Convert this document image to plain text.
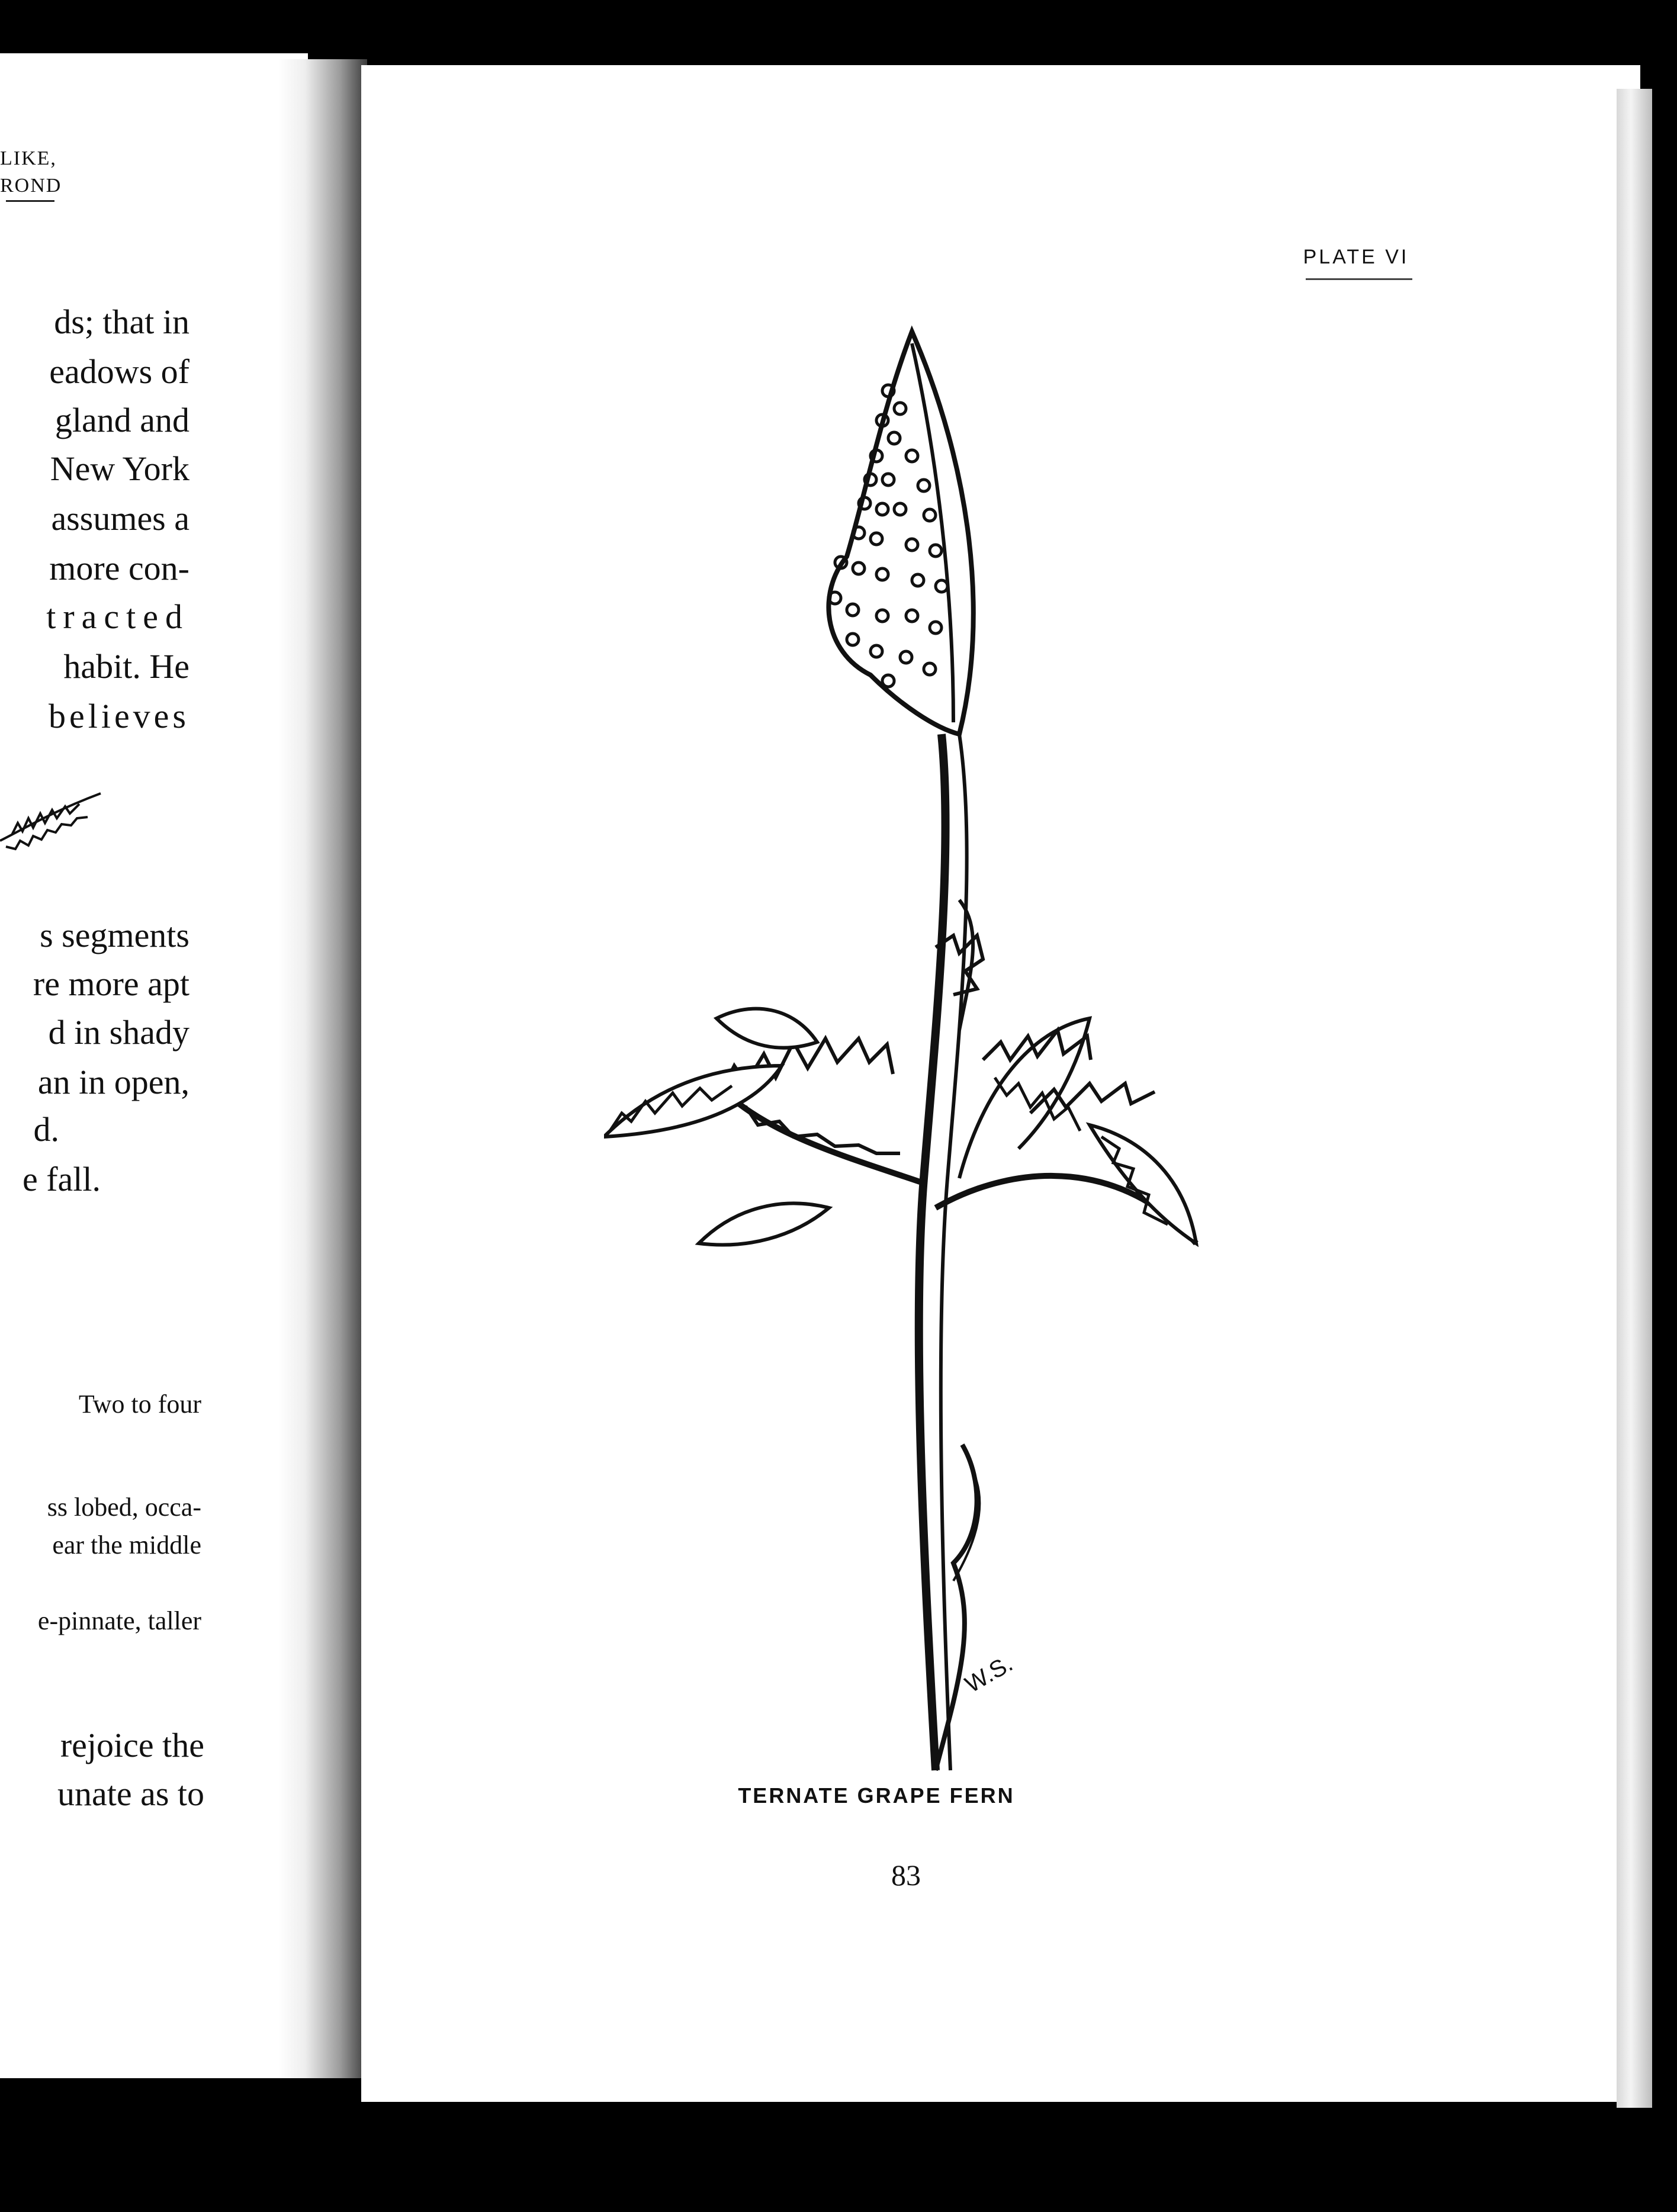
LIKE,
ROND
ds; that in
eadows of
gland and
New York
assumes a
more con-
tracted
habit. He
believes
s segments
re more apt
d in shady
an in open,
d.
e fall.
Two to four
ss lobed, occa-
ear the middle
e-pinnate, taller
rejoice the
unate as to
PLATE VI
W.S.
TERNATE GRAPE FERN
83
